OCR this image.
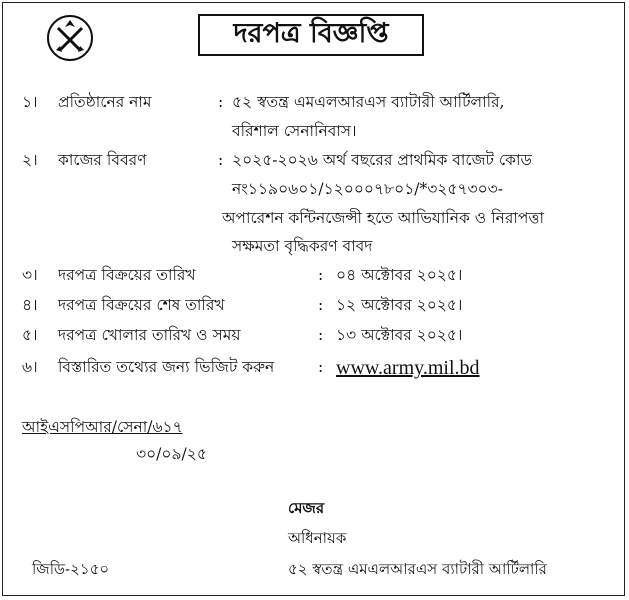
দরপত্র বিজ্ঞপ্তি
১। প্রতিষ্ঠানের নাম	: ৫২ স্বতন্ত্র এমএলআরএস ব্যাটারী আর্টিলারি,
বরিশাল সেনানিবাস।
২। কাজের বিবরণ	: ২০২৫-২০২৬ অর্থ বছরের প্রাথমিক বাজেট কোড
নং১১৯০৬০১/১২০০০৭৮০১/*৩২৫৭৩০৩-
অপারেশন কন্টিনজেন্সী হতে আভিযানিক ও নিরাপত্তা
সক্ষমতা বৃদ্ধিকরণ বাবদ
৩। দরপত্র বিক্রয়ের তারিখ	: ০৪ অক্টোবর ২০২৫।
৪। দরপত্র বিক্রয়ের শেষ তারিখ	: ১২ অক্টোবর ২০২৫।
৫। দরপত্র খোলার তারিখ ও সময়	: ১৩ অক্টোবর ২০২৫।
৬। বিস্তারিত তথ্যের জন্য ভিজিট করুন	: www.army.mil.bd
আইএসপিআর/সেনা/৬১৭
৩০/০৯/২৫
মেজর
অধিনায়ক
৫২ স্বতন্ত্র এমএলআরএস ব্যাটারী আর্টিলারি
জিডি-২১৫০
